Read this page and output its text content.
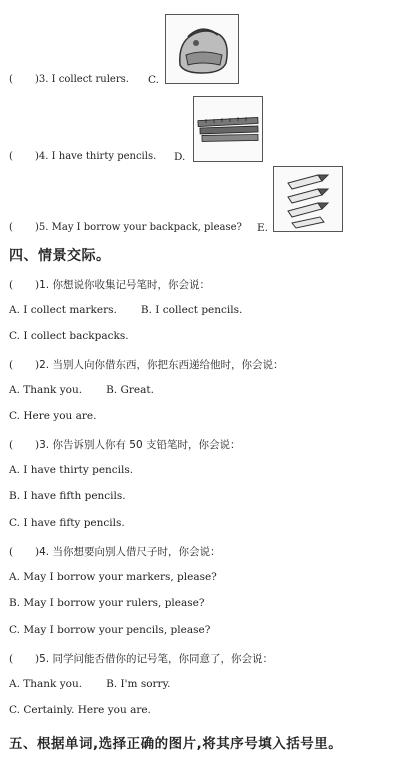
( )3. I collect rulers. C.
( )4. I have thirty pencils. D.
( )5. May I borrow your backpack, please? E.
四、情景交际。
( )1. 你想说你收集记号笔时，你会说：
A. I collect markers. B. I collect pencils.
C. I collect backpacks.
( )2. 当别人向你借东西，你把东西递给他时，你会说：
A. Thank you. B. Great.
C. Here you are.
( )3. 你告诉别人你有 50 支铅笔时，你会说：
A. I have thirty pencils.
B. I have fifth pencils.
C. I have fifty pencils.
( )4. 当你想要向别人借尺子时，你会说：
A. May I borrow your markers, please?
B. May I borrow your rulers, please?
C. May I borrow your pencils, please?
( )5. 同学问能否借你的记号笔，你同意了，你会说：
A. Thank you. B. I'm sorry.
C. Certainly. Here you are.
五、根据单词,选择正确的图片,将其序号填入括号里。
